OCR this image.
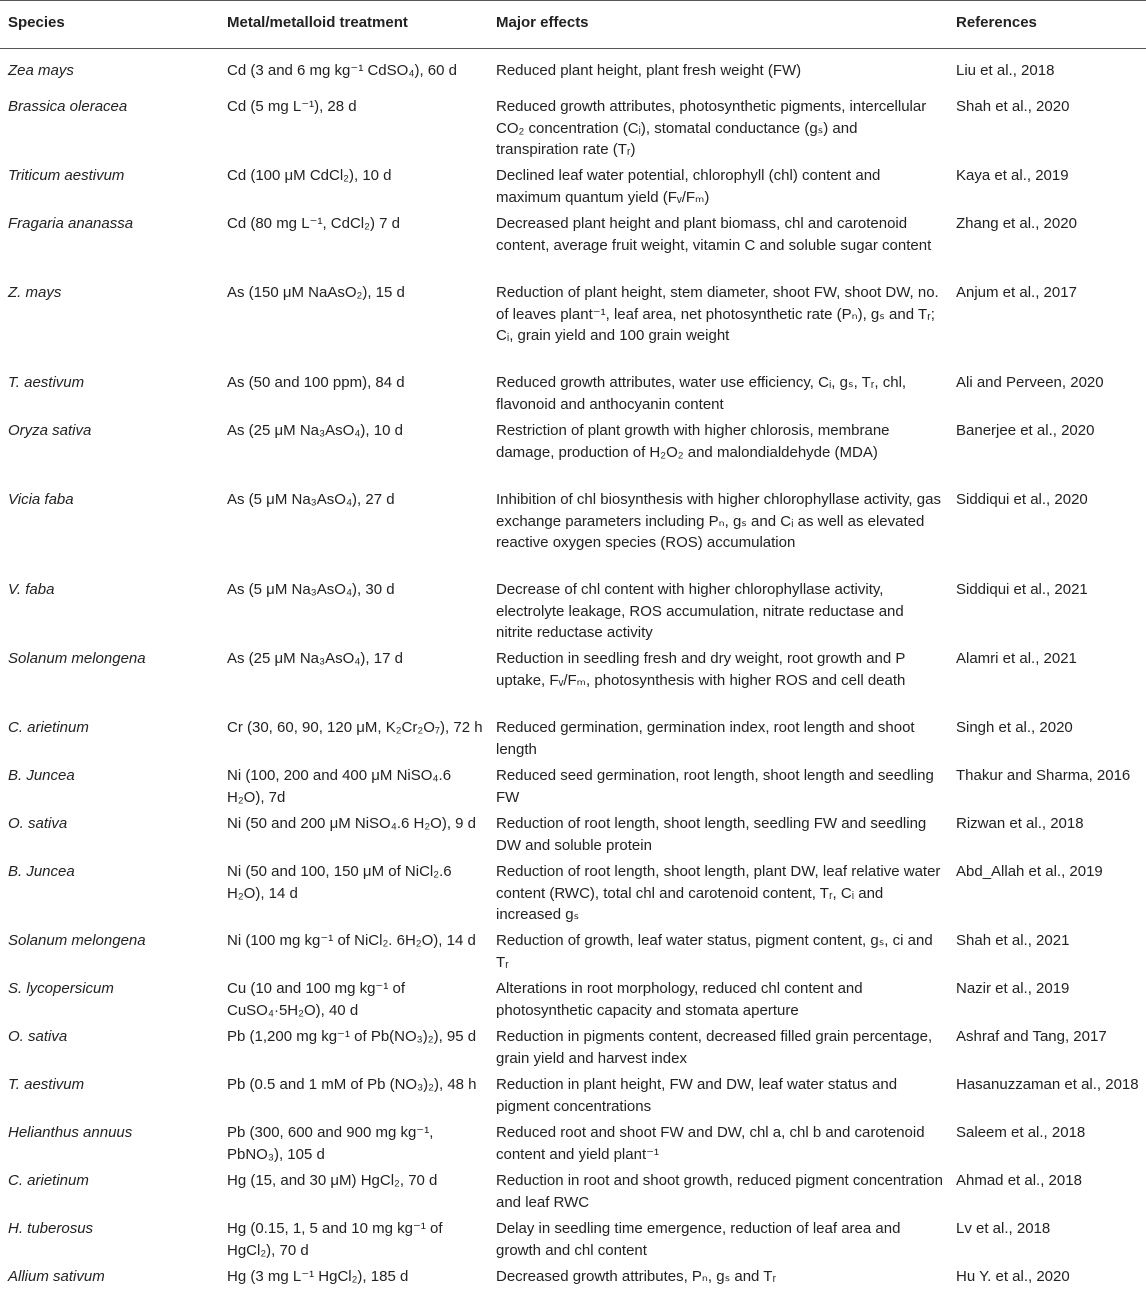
Species	Metal/metalloid treatment	Major effects	References
Zea mays	Cd (3 and 6 mg kg⁻¹ CdSO₄), 60 d	Reduced plant height, plant fresh weight (FW)	Liu et al., 2018
Brassica oleracea	Cd (5 mg L⁻¹), 28 d	Reduced growth attributes, photosynthetic pigments, intercellular CO₂ concentration (Cᵢ), stomatal conductance (gₛ) and transpiration rate (Tᵣ)	Shah et al., 2020
Triticum aestivum	Cd (100 μM CdCl₂), 10 d	Declined leaf water potential, chlorophyll (chl) content and maximum quantum yield (Fᵥ/Fₘ)	Kaya et al., 2019
Fragaria ananassa	Cd (80 mg L⁻¹, CdCl₂) 7 d	Decreased plant height and plant biomass, chl and carotenoid content, average fruit weight, vitamin C and soluble sugar content	Zhang et al., 2020
Z. mays	As (150 μM NaAsO₂), 15 d	Reduction of plant height, stem diameter, shoot FW, shoot DW, no. of leaves plant⁻¹, leaf area, net photosynthetic rate (Pₙ), gₛ and Tᵣ; Cᵢ, grain yield and 100 grain weight	Anjum et al., 2017
T. aestivum	As (50 and 100 ppm), 84 d	Reduced growth attributes, water use efficiency, Cᵢ, gₛ, Tᵣ, chl, flavonoid and anthocyanin content	Ali and Perveen, 2020
Oryza sativa	As (25 μM Na₃AsO₄), 10 d	Restriction of plant growth with higher chlorosis, membrane damage, production of H₂O₂ and malondialdehyde (MDA)	Banerjee et al., 2020
Vicia faba	As (5 μM Na₃AsO₄), 27 d	Inhibition of chl biosynthesis with higher chlorophyllase activity, gas exchange parameters including Pₙ, gₛ and Cᵢ as well as elevated reactive oxygen species (ROS) accumulation	Siddiqui et al., 2020
V. faba	As (5 μM Na₃AsO₄), 30 d	Decrease of chl content with higher chlorophyllase activity, electrolyte leakage, ROS accumulation, nitrate reductase and nitrite reductase activity	Siddiqui et al., 2021
Solanum melongena	As (25 μM Na₃AsO₄), 17 d	Reduction in seedling fresh and dry weight, root growth and P uptake, Fᵥ/Fₘ, photosynthesis with higher ROS and cell death	Alamri et al., 2021
C. arietinum	Cr (30, 60, 90, 120 μM, K₂Cr₂O₇), 72 h	Reduced germination, germination index, root length and shoot length	Singh et al., 2020
B. Juncea	Ni (100, 200 and 400 μM NiSO₄.6 H₂O), 7d	Reduced seed germination, root length, shoot length and seedling FW	Thakur and Sharma, 2016
O. sativa	Ni (50 and 200 μM NiSO₄.6 H₂O), 9 d	Reduction of root length, shoot length, seedling FW and seedling DW and soluble protein	Rizwan et al., 2018
B. Juncea	Ni (50 and 100, 150 μM of NiCl₂.6 H₂O), 14 d	Reduction of root length, shoot length, plant DW, leaf relative water content (RWC), total chl and carotenoid content, Tᵣ, Cᵢ and increased gₛ	Abd_Allah et al., 2019
Solanum melongena	Ni (100 mg kg⁻¹ of NiCl₂. 6H₂O), 14 d	Reduction of growth, leaf water status, pigment content, gₛ, ci and Tᵣ	Shah et al., 2021
S. lycopersicum	Cu (10 and 100 mg kg⁻¹ of CuSO₄·5H₂O), 40 d	Alterations in root morphology, reduced chl content and photosynthetic capacity and stomata aperture	Nazir et al., 2019
O. sativa	Pb (1,200 mg kg⁻¹ of Pb(NO₃)₂), 95 d	Reduction in pigments content, decreased filled grain percentage, grain yield and harvest index	Ashraf and Tang, 2017
T. aestivum	Pb (0.5 and 1 mM of Pb (NO₃)₂), 48 h	Reduction in plant height, FW and DW, leaf water status and pigment concentrations	Hasanuzzaman et al., 2018
Helianthus annuus	Pb (300, 600 and 900 mg kg⁻¹, PbNO₃), 105 d	Reduced root and shoot FW and DW, chl a, chl b and carotenoid content and yield plant⁻¹	Saleem et al., 2018
C. arietinum	Hg (15, and 30 μM) HgCl₂, 70 d	Reduction in root and shoot growth, reduced pigment concentration and leaf RWC	Ahmad et al., 2018
H. tuberosus	Hg (0.15, 1, 5 and 10 mg kg⁻¹ of HgCl₂), 70 d	Delay in seedling time emergence, reduction of leaf area and growth and chl content	Lv et al., 2018
Allium sativum	Hg (3 mg L⁻¹ HgCl₂), 185 d	Decreased growth attributes, Pₙ, gₛ and Tᵣ	Hu Y. et al., 2020
